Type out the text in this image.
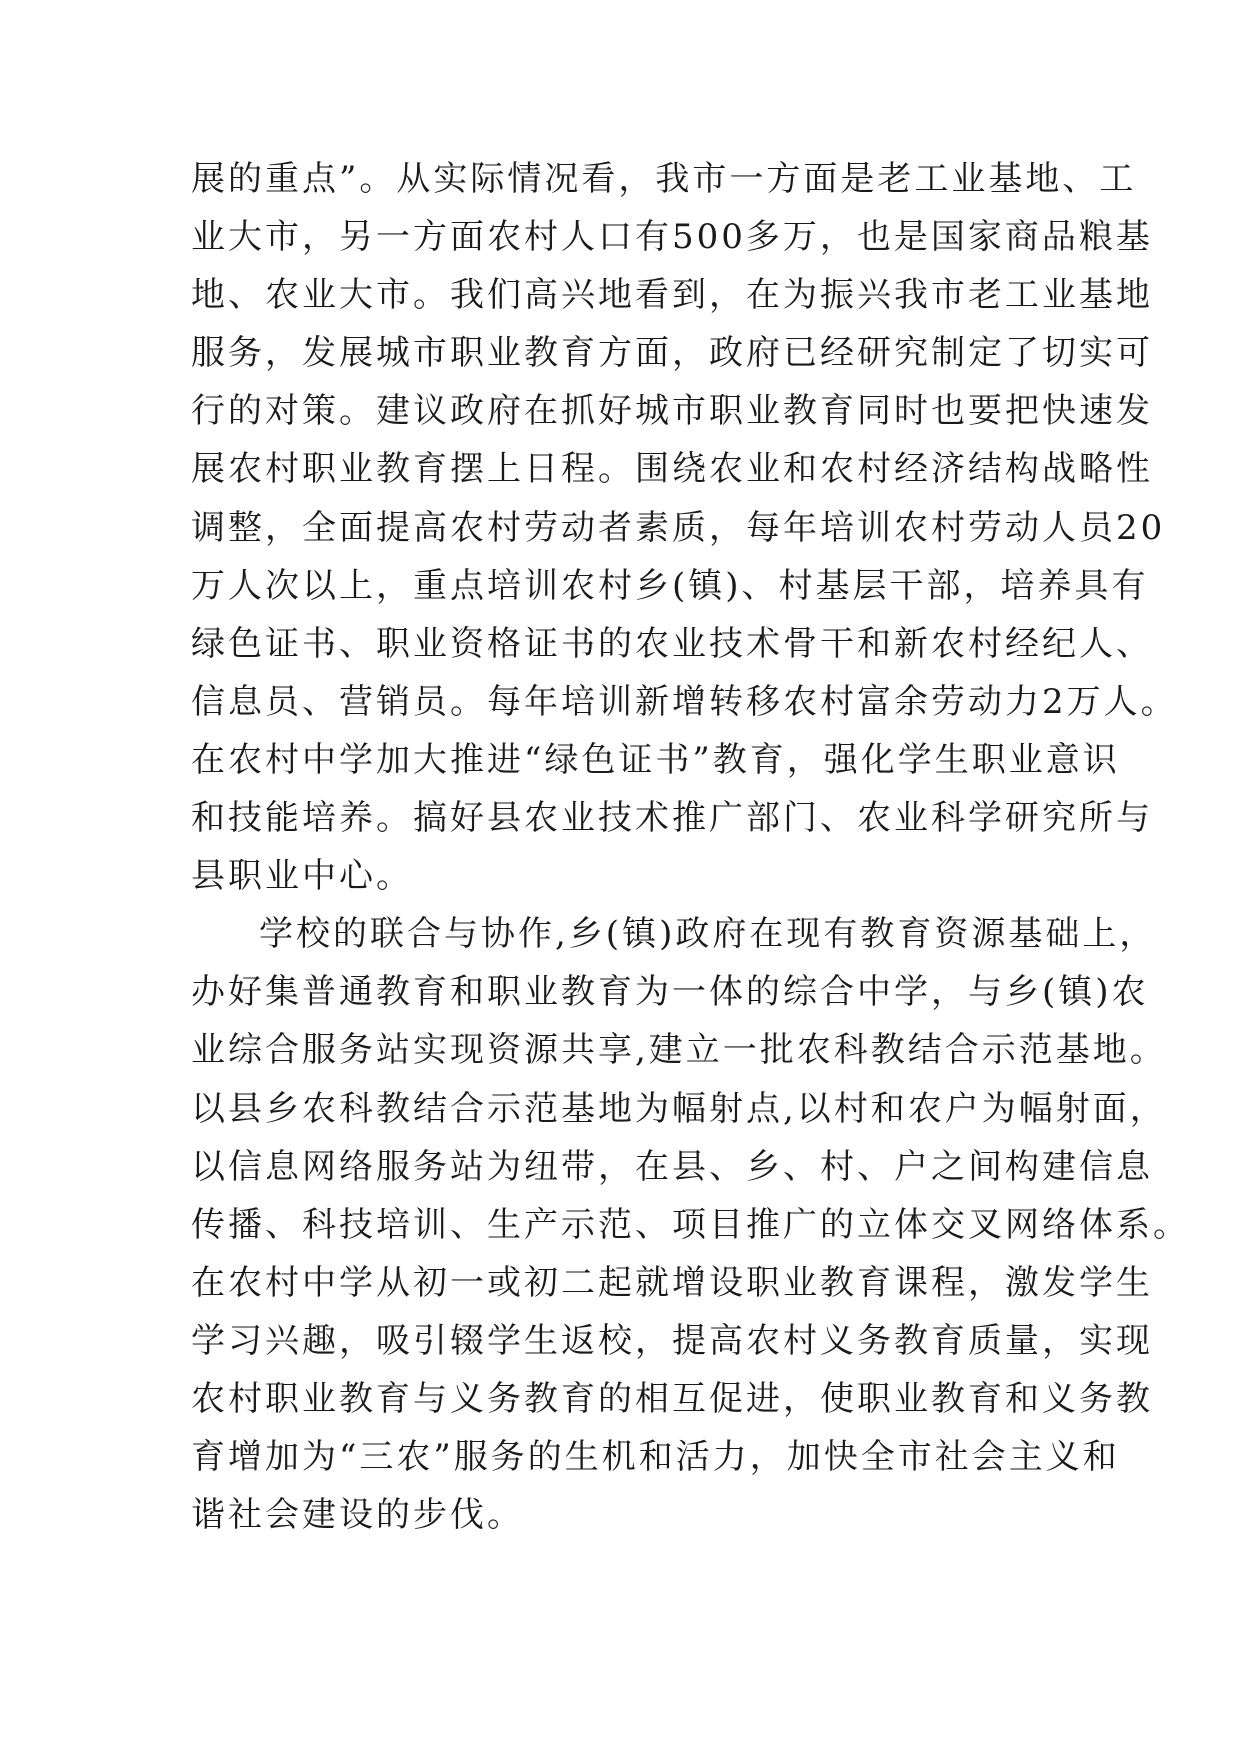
展的重点”。从实际情况看，我市一方面是老工业基地、工
业大市，另一方面农村人口有500多万，也是国家商品粮基
地、农业大市。我们高兴地看到，在为振兴我市老工业基地
服务，发展城市职业教育方面，政府已经研究制定了切实可
行的对策。建议政府在抓好城市职业教育同时也要把快速发
展农村职业教育摆上日程。围绕农业和农村经济结构战略性
调整，全面提高农村劳动者素质，每年培训农村劳动人员20
万人次以上，重点培训农村乡(镇)、村基层干部，培养具有
绿色证书、职业资格证书的农业技术骨干和新农村经纪人、
信息员、营销员。每年培训新增转移农村富余劳动力2万人。
在农村中学加大推进“绿色证书”教育，强化学生职业意识
和技能培养。搞好县农业技术推广部门、农业科学研究所与
县职业中心。
学校的联合与协作,乡(镇)政府在现有教育资源基础上，
办好集普通教育和职业教育为一体的综合中学，与乡(镇)农
业综合服务站实现资源共享,建立一批农科教结合示范基地。
以县乡农科教结合示范基地为幅射点,以村和农户为幅射面，
以信息网络服务站为纽带，在县、乡、村、户之间构建信息
传播、科技培训、生产示范、项目推广的立体交叉网络体系。
在农村中学从初一或初二起就增设职业教育课程，激发学生
学习兴趣，吸引辍学生返校，提高农村义务教育质量，实现
农村职业教育与义务教育的相互促进，使职业教育和义务教
育增加为“三农”服务的生机和活力，加快全市社会主义和
谐社会建设的步伐。
